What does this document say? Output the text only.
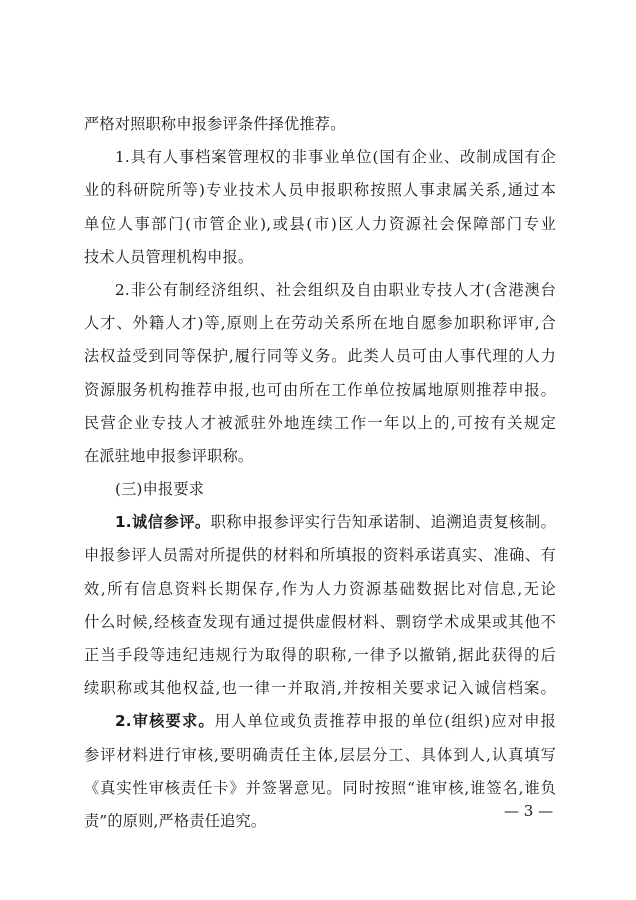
严格对照职称申报参评条件择优推荐。
1.具有人事档案管理权的非事业单位(国有企业、改制成国有企
业的科研院所等)专业技术人员申报职称按照人事隶属关系,通过本
单位人事部门(市管企业),或县(市)区人力资源社会保障部门专业
技术人员管理机构申报。
2.非公有制经济组织、社会组织及自由职业专技人才(含港澳台
人才、外籍人才)等,原则上在劳动关系所在地自愿参加职称评审,合
法权益受到同等保护,履行同等义务。此类人员可由人事代理的人力
资源服务机构推荐申报,也可由所在工作单位按属地原则推荐申报。
民营企业专技人才被派驻外地连续工作一年以上的,可按有关规定
在派驻地申报参评职称。
(三)申报要求
1.诚信参评。职称申报参评实行告知承诺制、追溯追责复核制。
申报参评人员需对所提供的材料和所填报的资料承诺真实、准确、有
效,所有信息资料长期保存,作为人力资源基础数据比对信息,无论
什么时候,经核查发现有通过提供虚假材料、剽窃学术成果或其他不
正当手段等违纪违规行为取得的职称,一律予以撤销,据此获得的后
续职称或其他权益,也一律一并取消,并按相关要求记入诚信档案。
2.审核要求。用人单位或负责推荐申报的单位(组织)应对申报
参评材料进行审核,要明确责任主体,层层分工、具体到人,认真填写
《真实性审核责任卡》并签署意见。同时按照“谁审核,谁签名,谁负
责”的原则,严格责任追究。
— 3 —
